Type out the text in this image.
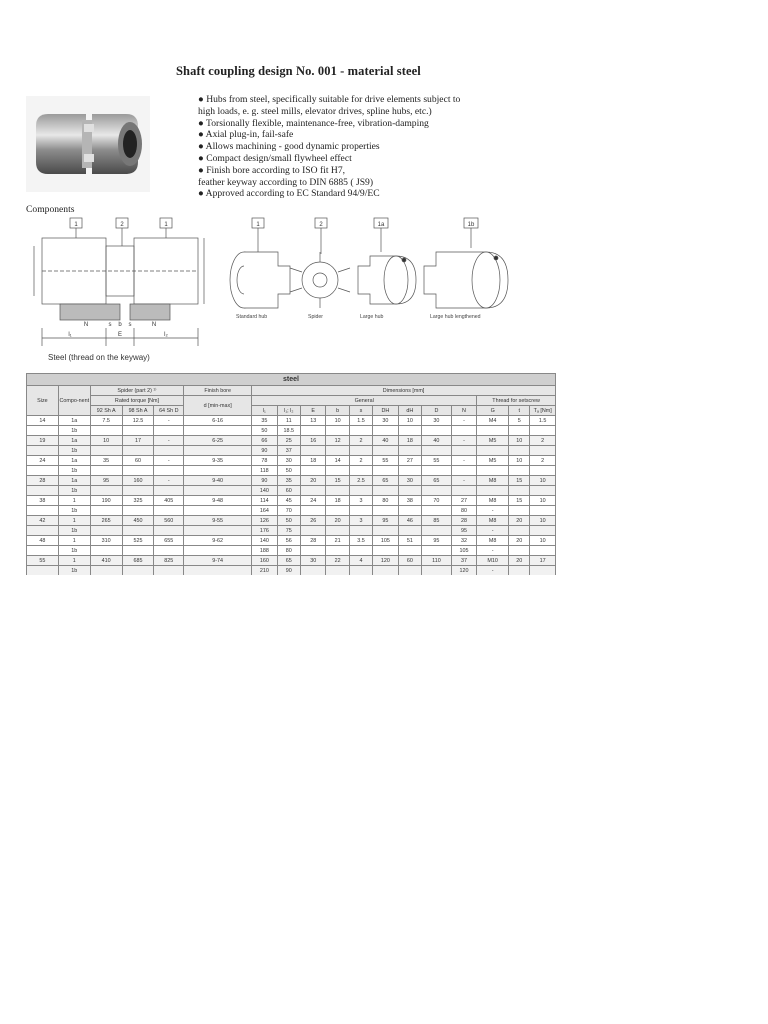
Shaft coupling design No. 001 - material steel
● Hubs from steel, specifically suitable for drive elements subject to
high loads, e. g. steel mills, elevator drives, spline hubs, etc.)
● Torsionally flexible, maintenance-free, vibration-damping
● Axial plug-in, fail-safe
● Allows machining - good dynamic properties
● Compact design/small flywheel effect
● Finish bore according to ISO fit H7,
feather keyway according to DIN 6885 ( JS9)
● Approved according to EC Standard 94/9/EC
Components
1	2	1
l₁	E
s b s
l₂
N	N
Steel (thread on the keyway)
1	2	1a	1b
Standard hub	Spider	Large hub	Large hub lengthened
steel																	
Size	Compo-nent	Spider (part 2) ¹⁾			Finish bore	Dimensions [mm]											
		Rated torque [Nm]			d [min-max]	General									Thread for setscrew		
		92 Sh A	98 Sh A	64 Sh D		l₁	l₁; l₂	E	b	s	DH	dH	D	N	G	t	Tₐ [Nm]
14	1a	7.5	12.5	-	6-16	35	11	13	10	1.5	30	10	30	-	M4	5	1.5
	1b					50	18.5										
19	1a	10	17	-	6-25	66	25	16	12	2	40	18	40	-	M5	10	2
	1b					90	37										
24	1a	35	60	-	9-35	78	30	18	14	2	55	27	55	-	M5	10	2
	1b					118	50										
28	1a	95	160	-	9-40	90	35	20	15	2.5	65	30	65	-	M8	15	10
	1b					140	60										
38	1	190	325	405	9-48	114	45	24	18	3	80	38	70	27	M8	15	10
	1b					164	70							80	-		
42	1	265	450	560	9-55	126	50	26	20	3	95	46	85	28	M8	20	10
	1b					176	75							95	-		
48	1	310	525	655	9-62	140	56	28	21	3.5	105	51	95	32	M8	20	10
	1b					188	80							105	-		
55	1	410	685	825	9-74	160	65	30	22	4	120	60	110	37	M10	20	17
	1b					210	90							120	-		
